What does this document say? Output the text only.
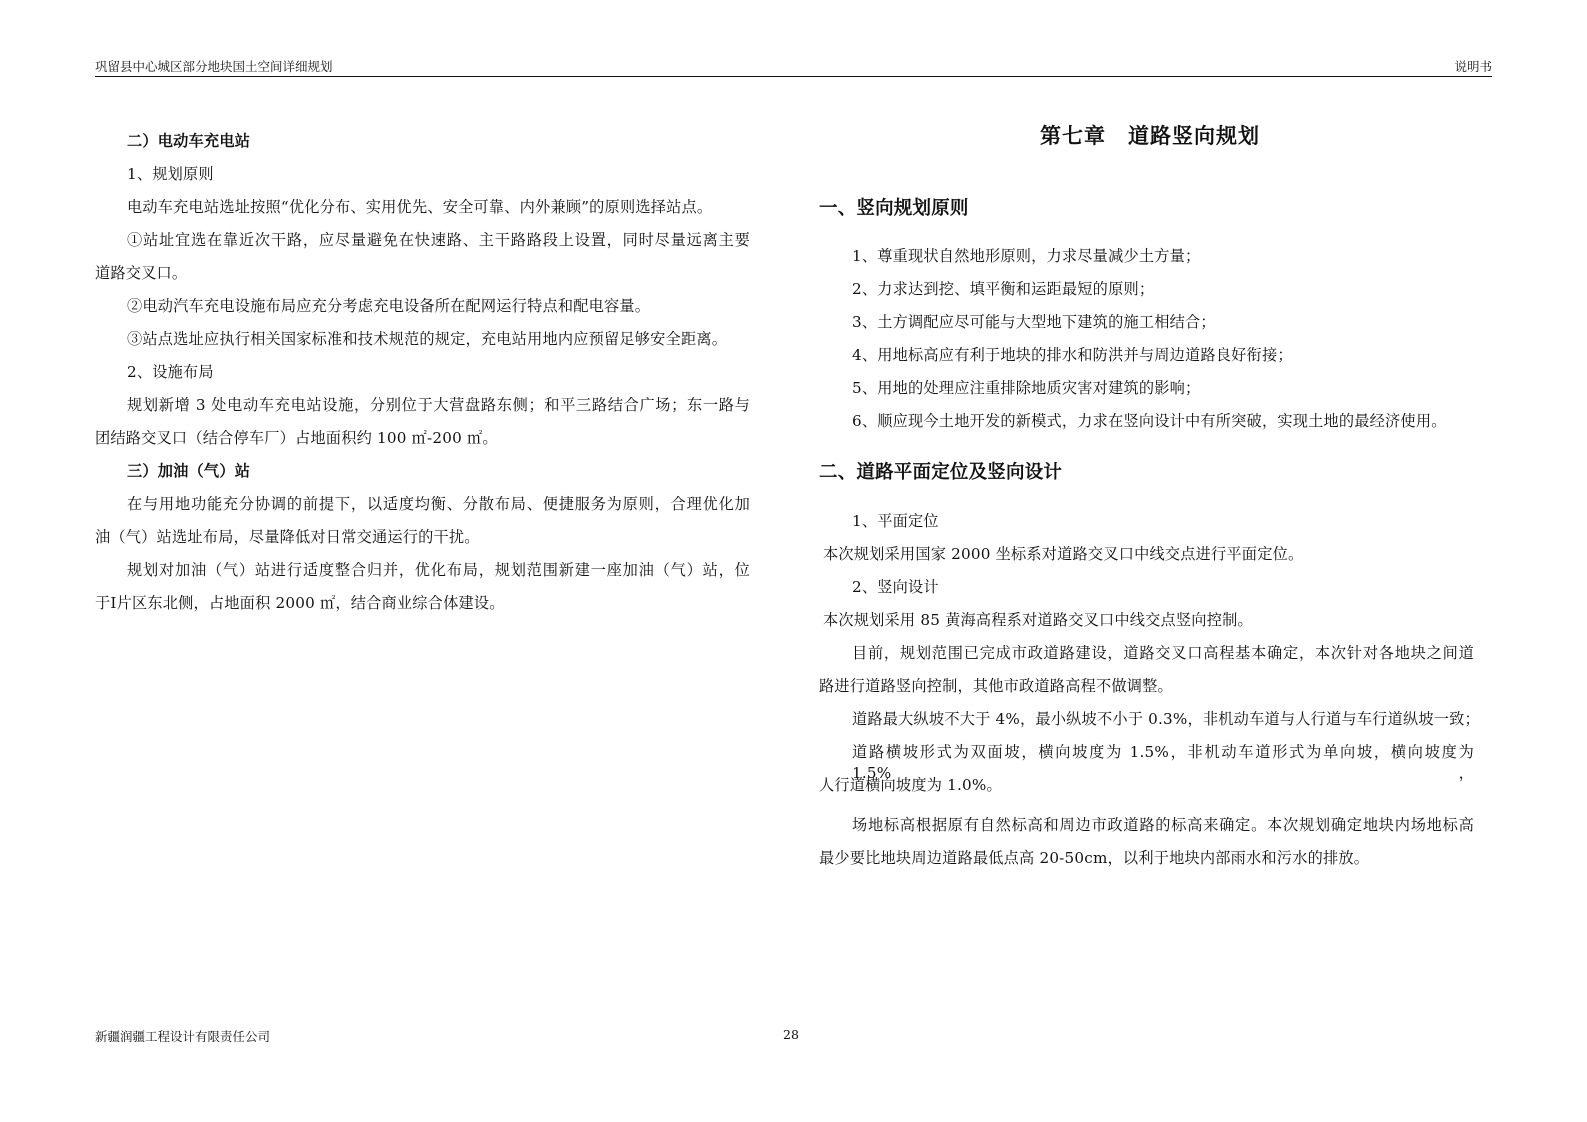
巩留县中心城区部分地块国土空间详细规划	说明书
二）电动车充电站
1、规划原则
电动车充电站选址按照“优化分布、实用优先、安全可靠、内外兼顾”的原则选择站点。
①站址宜选在靠近次干路，应尽量避免在快速路、主干路路段上设置，同时尽量远离主要
道路交叉口。
②电动汽车充电设施布局应充分考虑充电设备所在配网运行特点和配电容量。
③站点选址应执行相关国家标准和技术规范的规定，充电站用地内应预留足够安全距离。
2、设施布局
规划新增 3 处电动车充电站设施，分别位于大营盘路东侧；和平三路结合广场；东一路与
团结路交叉口（结合停车厂）占地面积约 100 ㎡-200 ㎡。
三）加油（气）站
在与用地功能充分协调的前提下，以适度均衡、分散布局、便捷服务为原则，合理优化加
油（气）站选址布局，尽量降低对日常交通运行的干扰。
规划对加油（气）站进行适度整合归并，优化布局，规划范围新建一座加油（气）站，位
于Ⅰ片区东北侧，占地面积 2000 ㎡，结合商业综合体建设。
第七章　道路竖向规划
一、竖向规划原则
1、尊重现状自然地形原则，力求尽量减少土方量；
2、力求达到挖、填平衡和运距最短的原则；
3、土方调配应尽可能与大型地下建筑的施工相结合；
4、用地标高应有利于地块的排水和防洪并与周边道路良好衔接；
5、用地的处理应注重排除地质灾害对建筑的影响；
6、顺应现今土地开发的新模式，力求在竖向设计中有所突破，实现土地的最经济使用。
二、道路平面定位及竖向设计
1、平面定位
本次规划采用国家 2000 坐标系对道路交叉口中线交点进行平面定位。
2、竖向设计
本次规划采用 85 黄海高程系对道路交叉口中线交点竖向控制。
目前，规划范围已完成市政道路建设，道路交叉口高程基本确定，本次针对各地块之间道
路进行道路竖向控制，其他市政道路高程不做调整。
道路最大纵坡不大于 4%，最小纵坡不小于 0.3%，非机动车道与人行道与车行道纵坡一致；
道路横坡形式为双面坡，横向坡度为 1.5%，非机动车道形式为单向坡，横向坡度为 1.5%，
人行道横向坡度为 1.0%。
场地标高根据原有自然标高和周边市政道路的标高来确定。本次规划确定地块内场地标高
最少要比地块周边道路最低点高 20-50cm，以利于地块内部雨水和污水的排放。
新疆润疆工程设计有限责任公司	28
